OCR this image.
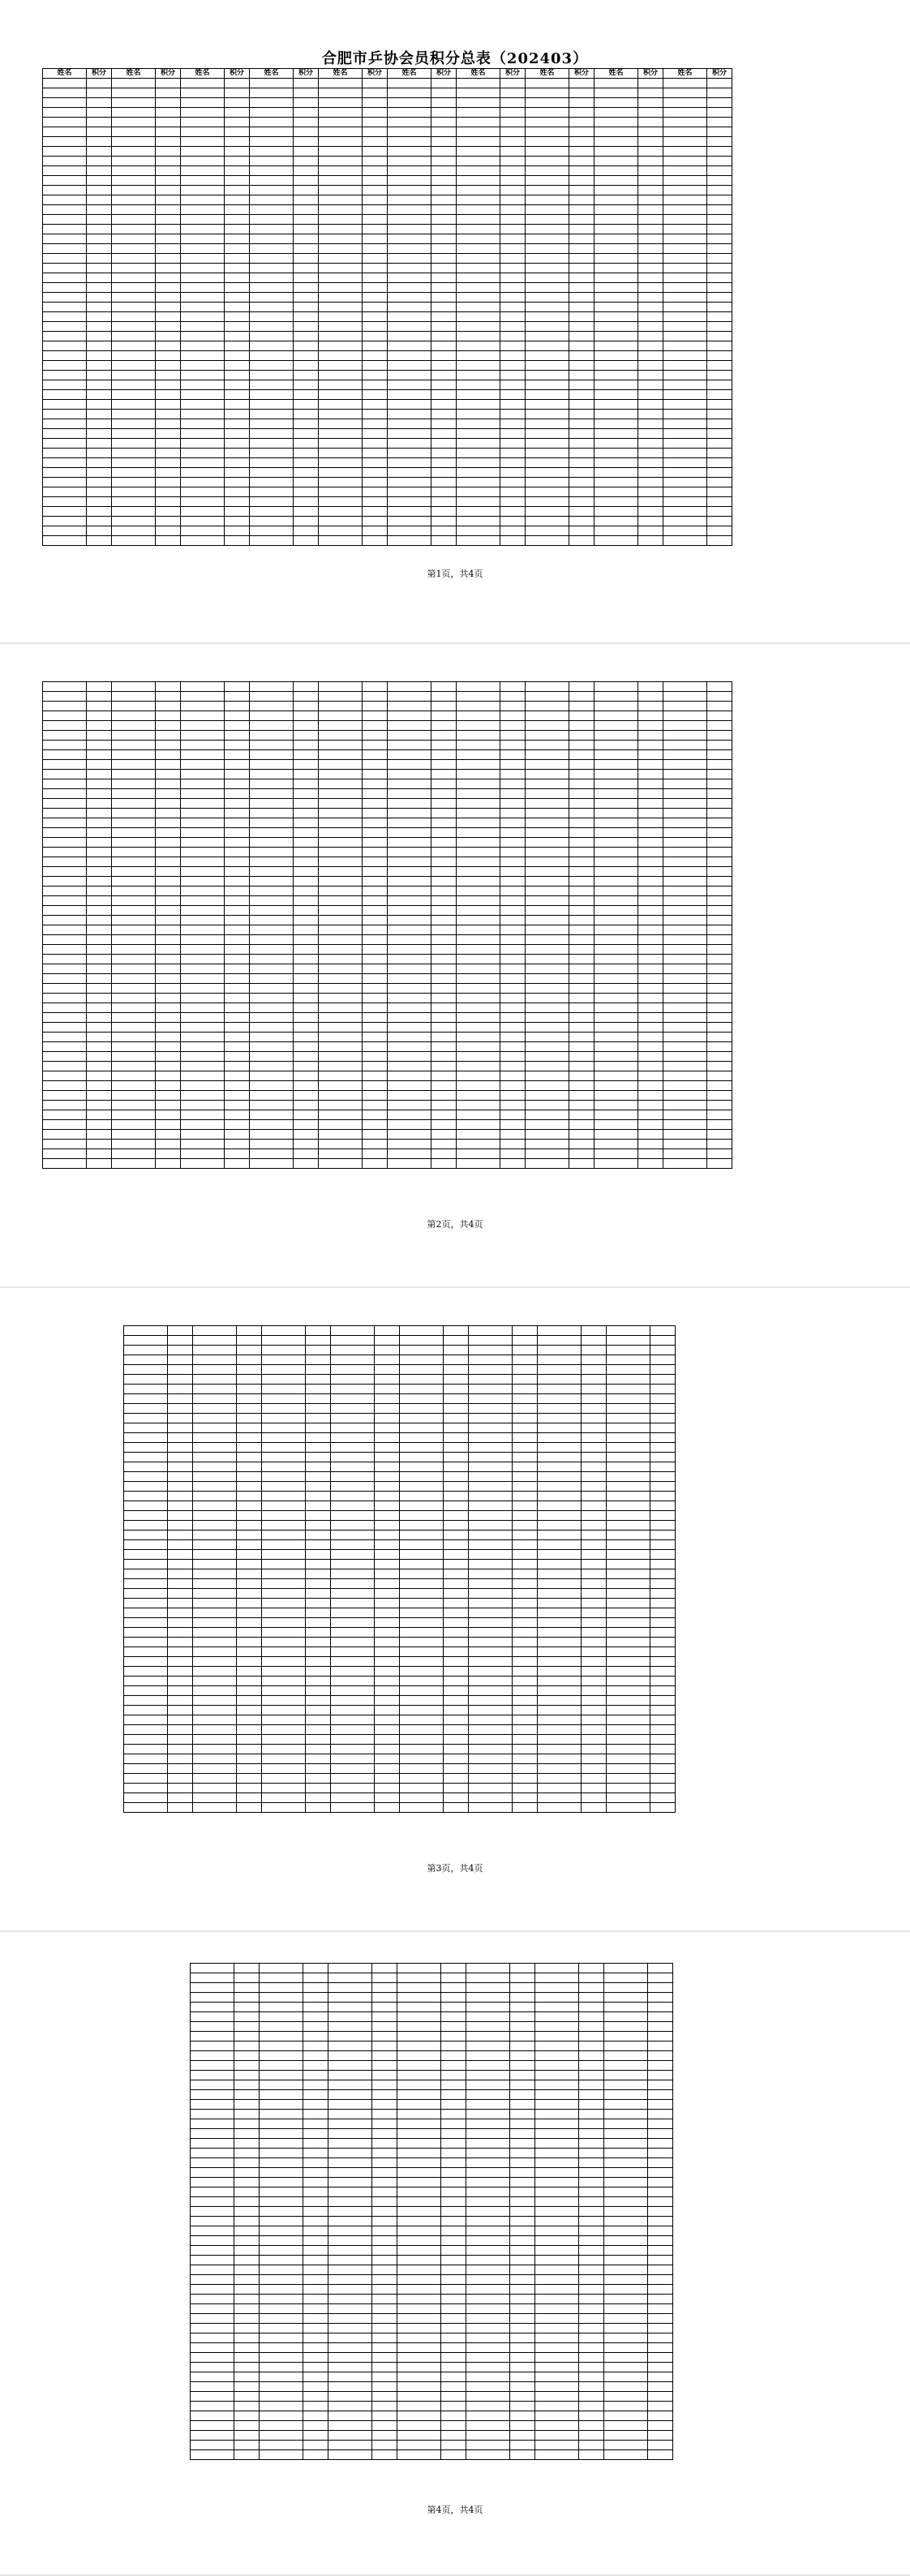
合肥市乒协会员积分总表（202403）
姓名	积分	姓名	积分	姓名	积分	姓名	积分	姓名	积分	姓名	积分	姓名	积分	姓名	积分	姓名	积分	姓名	积分

第1页，共4页

第2页，共4页

第3页，共4页

第4页，共4页
